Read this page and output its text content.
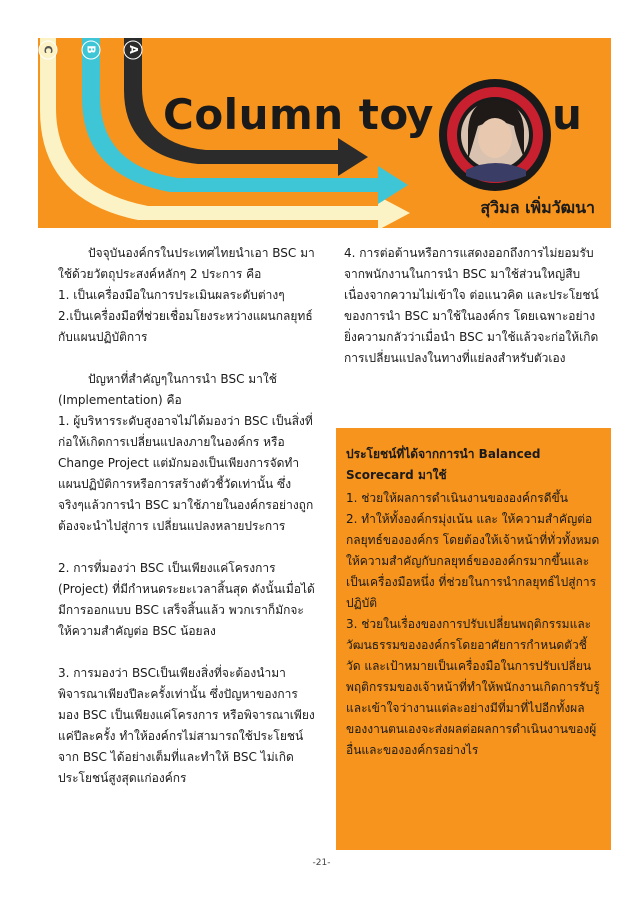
A
B
C
Column to
y	u
สุวิมล เพิ่มวัฒนา

ปัจจุบันองค์กรในประเทศไทยนำเอา BSC มาใช้ด้วยวัตถุประสงค์หลักๆ 2 ประการ คือ

1. เป็นเครื่องมือในการประเมินผลระดับต่างๆ

2.เป็นเครื่องมือที่ช่วยเชื่อมโยงระหว่างแผนกลยุทธ์กับแผนปฏิบัติการ

ปัญหาที่สำคัญๆในการนำ BSC มาใช้ (Implementation) คือ

1. ผู้บริหารระดับสูงอาจไม่ได้มองว่า BSC เป็นสิ่งที่ก่อให้เกิดการเปลี่ยนแปลงภายในองค์กร หรือ Change Project แต่มักมองเป็นเพียงการจัดทำแผนปฏิบัติการหรือการสร้างตัวชี้วัดเท่านั้น ซึ่งจริงๆแล้วการนำ BSC มาใช้ภายในองค์กรอย่างถูกต้องจะนำไปสู่การ เปลี่ยนแปลงหลายประการ

2. การที่มองว่า BSC เป็นเพียงแค่โครงการ (Project) ที่มีกำหนดระยะเวลาสิ้นสุด ดังนั้นเมื่อได้มีการออกแบบ BSC เสร็จสิ้นแล้ว พวกเราก็มักจะให้ความสำคัญต่อ BSC น้อยลง

3. การมองว่า BSCเป็นเพียงสิ่งที่จะต้องนำมาพิจารณาเพียงปีละครั้งเท่านั้น ซึ่งปัญหาของการมอง BSC เป็นเพียงแค่โครงการ หรือพิจารณาเพียงแค่ปีละครั้ง ทำให้องค์กรไม่สามารถใช้ประโยชน์จาก BSC ได้อย่างเต็มที่และทำให้ BSC ไม่เกิดประโยชน์สูงสุดแก่องค์กร

4. การต่อต้านหรือการแสดงออกถึงการไม่ยอมรับจากพนักงานในการนำ BSC มาใช้ส่วนใหญ่สืบเนื่องจากความไม่เข้าใจ ต่อแนวคิด และประโยชน์ของการนำ BSC มาใช้ในองค์กร โดยเฉพาะอย่างยิ่งความกลัวว่าเมื่อนำ BSC มาใช้แล้วจะก่อให้เกิดการเปลี่ยนแปลงในทางที่แย่ลงสำหรับตัวเอง

ประโยชน์ที่ได้จากการนำ Balanced Scorecard มาใช้

1. ช่วยให้ผลการดำเนินงานขององค์กรดีขึ้น

2. ทำให้ทั้งองค์กรมุ่งเน้น และ ให้ความสำคัญต่อกลยุทธ์ขององค์กร โดยต้องให้เจ้าหน้าที่ทั่วทั้งหมดให้ความสำคัญกับกลยุทธ์ขององค์กรมากขึ้นและเป็นเครื่องมือหนึ่ง ที่ช่วยในการนำกลยุทธ์ไปสู่การปฏิบัติ

3. ช่วยในเรื่องของการปรับเปลี่ยนพฤติกรรมและวัฒนธรรมขององค์กรโดยอาศัยการกำหนดตัวชี้วัด และเป้าหมายเป็นเครื่องมือในการปรับเปลี่ยน พฤติกรรมของเจ้าหน้าที่ทำให้พนักงานเกิดการรับรู้ และเข้าใจว่างานแต่ละอย่างมีที่มาที่ไปอีกทั้งผลของงานตนเองจะส่งผลต่อผลการดำเนินงานของผู้อื่นและขององค์กรอย่างไร

-21-
